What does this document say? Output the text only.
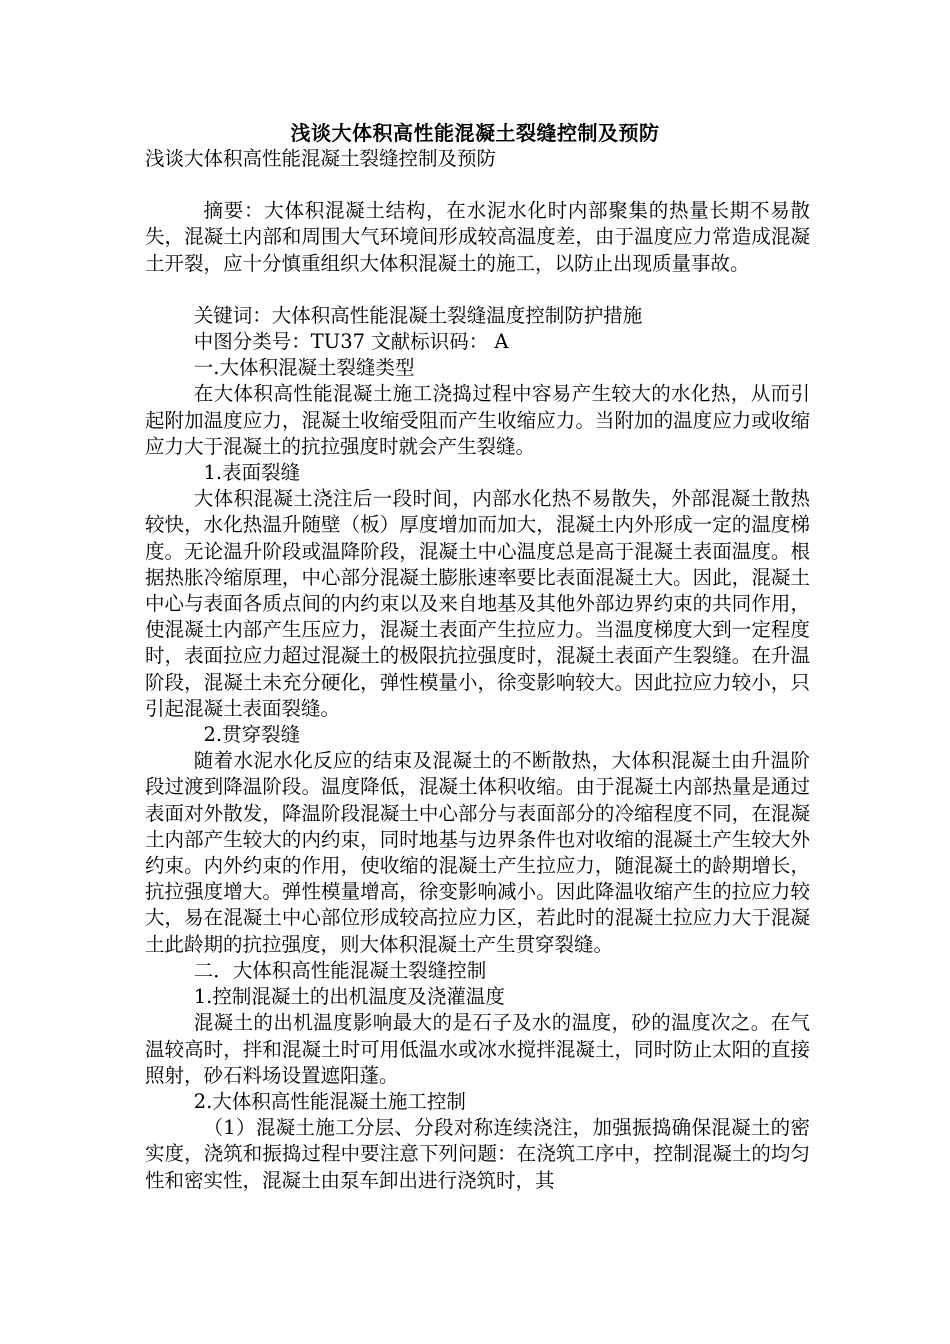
浅谈大体积高性能混凝土裂缝控制及预防

浅谈大体积高性能混凝土裂缝控制及预防

摘要：大体积混凝土结构，在水泥水化时内部聚集的热量长期不易散失，混凝土内部和周围大气环境间形成较高温度差，由于温度应力常造成混凝土开裂，应十分慎重组织大体积混凝土的施工，以防止出现质量事故。

关键词：大体积高性能混凝土裂缝温度控制防护措施

中图分类号：TU37 文献标识码： A

一.大体积混凝土裂缝类型

在大体积高性能混凝土施工浇捣过程中容易产生较大的水化热，从而引起附加温度应力，混凝土收缩受阻而产生收缩应力。当附加的温度应力或收缩应力大于混凝土的抗拉强度时就会产生裂缝。

1.表面裂缝

大体积混凝土浇注后一段时间，内部水化热不易散失，外部混凝土散热较快，水化热温升随壁（板）厚度增加而加大，混凝土内外形成一定的温度梯度。无论温升阶段或温降阶段，混凝土中心温度总是高于混凝土表面温度。根据热胀冷缩原理，中心部分混凝土膨胀速率要比表面混凝土大。因此，混凝土中心与表面各质点间的内约束以及来自地基及其他外部边界约束的共同作用，使混凝土内部产生压应力，混凝土表面产生拉应力。当温度梯度大到一定程度时，表面拉应力超过混凝土的极限抗拉强度时，混凝土表面产生裂缝。在升温阶段，混凝土未充分硬化，弹性模量小，徐变影响较大。因此拉应力较小，只引起混凝土表面裂缝。

2.贯穿裂缝

随着水泥水化反应的结束及混凝土的不断散热，大体积混凝土由升温阶段过渡到降温阶段。温度降低，混凝土体积收缩。由于混凝土内部热量是通过表面对外散发，降温阶段混凝土中心部分与表面部分的冷缩程度不同，在混凝土内部产生较大的内约束，同时地基与边界条件也对收缩的混凝土产生较大外约束。内外约束的作用，使收缩的混凝土产生拉应力，随混凝土的龄期增长，抗拉强度增大。弹性模量增高，徐变影响减小。因此降温收缩产生的拉应力较大，易在混凝土中心部位形成较高拉应力区，若此时的混凝土拉应力大于混凝土此龄期的抗拉强度，则大体积混凝土产生贯穿裂缝。

二．大体积高性能混凝土裂缝控制

1.控制混凝土的出机温度及浇灌温度

混凝土的出机温度影响最大的是石子及水的温度，砂的温度次之。在气温较高时，拌和混凝土时可用低温水或冰水搅拌混凝土，同时防止太阳的直接照射，砂石料场设置遮阳蓬。

2.大体积高性能混凝土施工控制

（1）混凝土施工分层、分段对称连续浇注，加强振捣确保混凝土的密实度，浇筑和振捣过程中要注意下列问题：在浇筑工序中，控制混凝土的均匀性和密实性，混凝土由泵车卸出进行浇筑时，其
